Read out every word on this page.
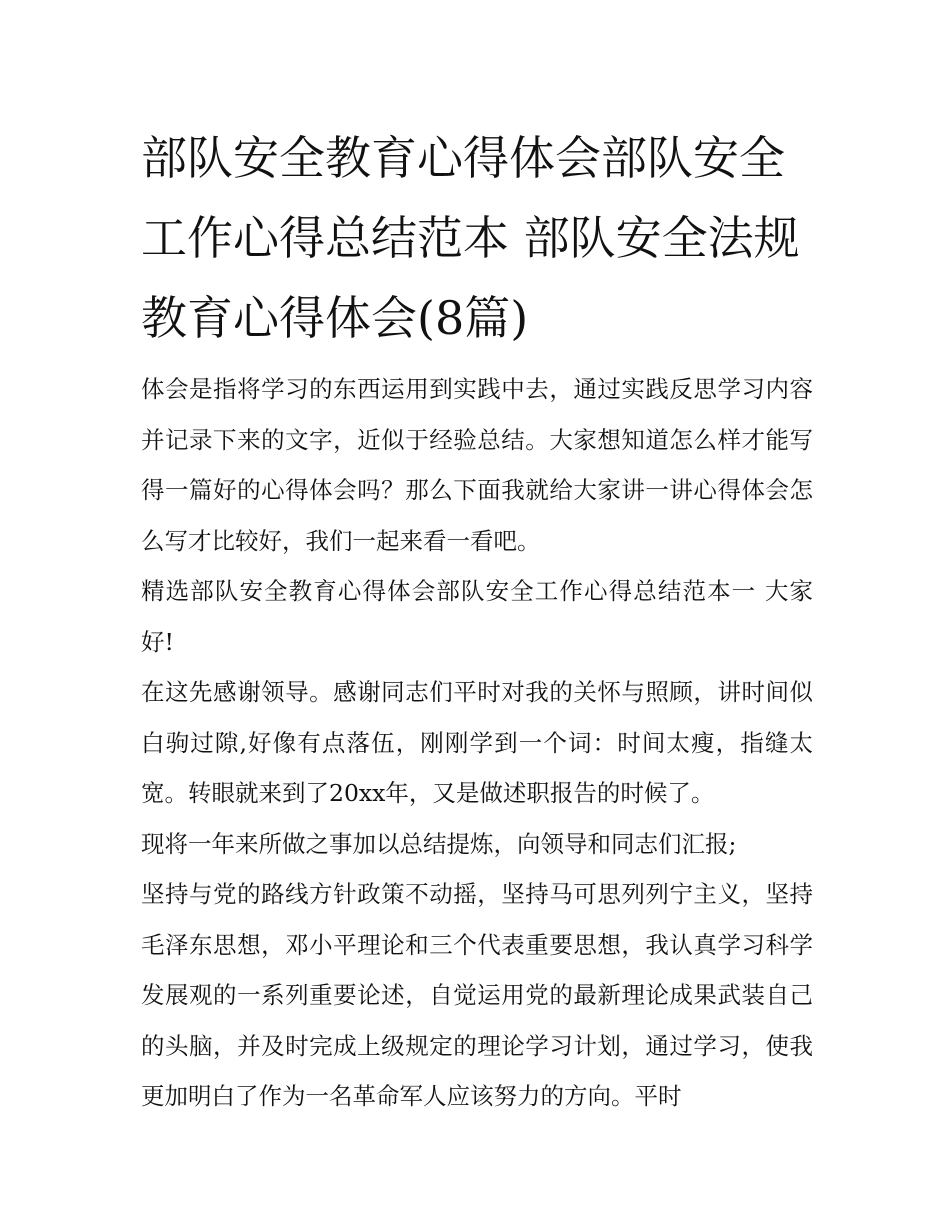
部队安全教育心得体会部队安全工作心得总结范本 部队安全法规教育心得体会(8篇)

体会是指将学习的东西运用到实践中去，通过实践反思学习内容并记录下来的文字，近似于经验总结。大家想知道怎么样才能写得一篇好的心得体会吗？那么下面我就给大家讲一讲心得体会怎么写才比较好，我们一起来看一看吧。

精选部队安全教育心得体会部队安全工作心得总结范本一 大家好!

在这先感谢领导。感谢同志们平时对我的关怀与照顾，讲时间似白驹过隙,好像有点落伍，刚刚学到一个词：时间太瘦，指缝太宽。转眼就来到了20xx年，又是做述职报告的时候了。

现将一年来所做之事加以总结提炼，向领导和同志们汇报;

坚持与党的路线方针政策不动摇，坚持马可思列列宁主义，坚持毛泽东思想，邓小平理论和三个代表重要思想，我认真学习科学发展观的一系列重要论述，自觉运用党的最新理论成果武装自己的头脑，并及时完成上级规定的理论学习计划，通过学习，使我更加明白了作为一名革命军人应该努力的方向。平时
